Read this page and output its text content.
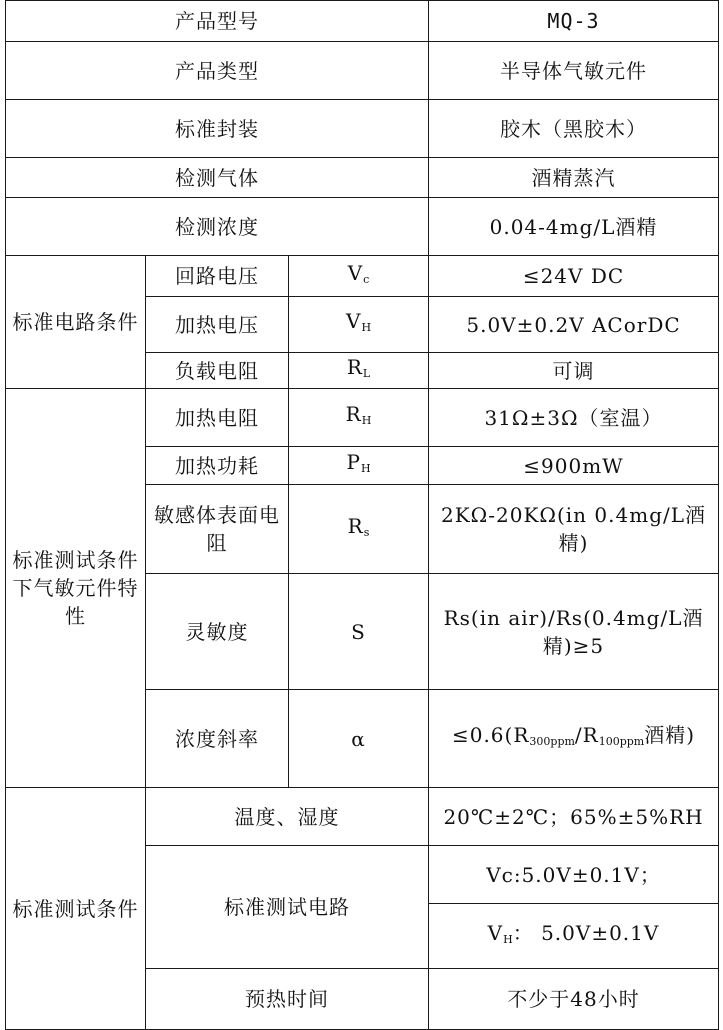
产品型号			MQ-3
产品类型			半导体气敏元件
标准封装			胶木（黑胶木）
检测气体			酒精蒸汽
检测浓度			0.04-4mg/L酒精
标准电路条件	回路电压	$V_c$	≤24V DC
	加热电压	$V_H$	5.0V±0.2V ACorDC
	负载电阻	$R_L$	可调
标准测试条件下气敏元件特性	加热电阻	$R_H$	31Ω±3Ω（室温）
	加热功耗	$P_H$	≤900mW
	敏感体表面电阻	$R_s$	2KΩ-20KΩ(in 0.4mg/L酒精)
	灵敏度	S	Rs(in air)/Rs(0.4mg/L酒精)≥5
	浓度斜率	α	$\le 0.6(R_{300ppm}/R_{100ppm}$酒精)
标准测试条件	温度、湿度		20℃±2℃；65%±5%RH
	标准测试电路		Vc:5.0V±0.1V；
			$V_H$： 5.0V±0.1V
	预热时间		不少于48小时
